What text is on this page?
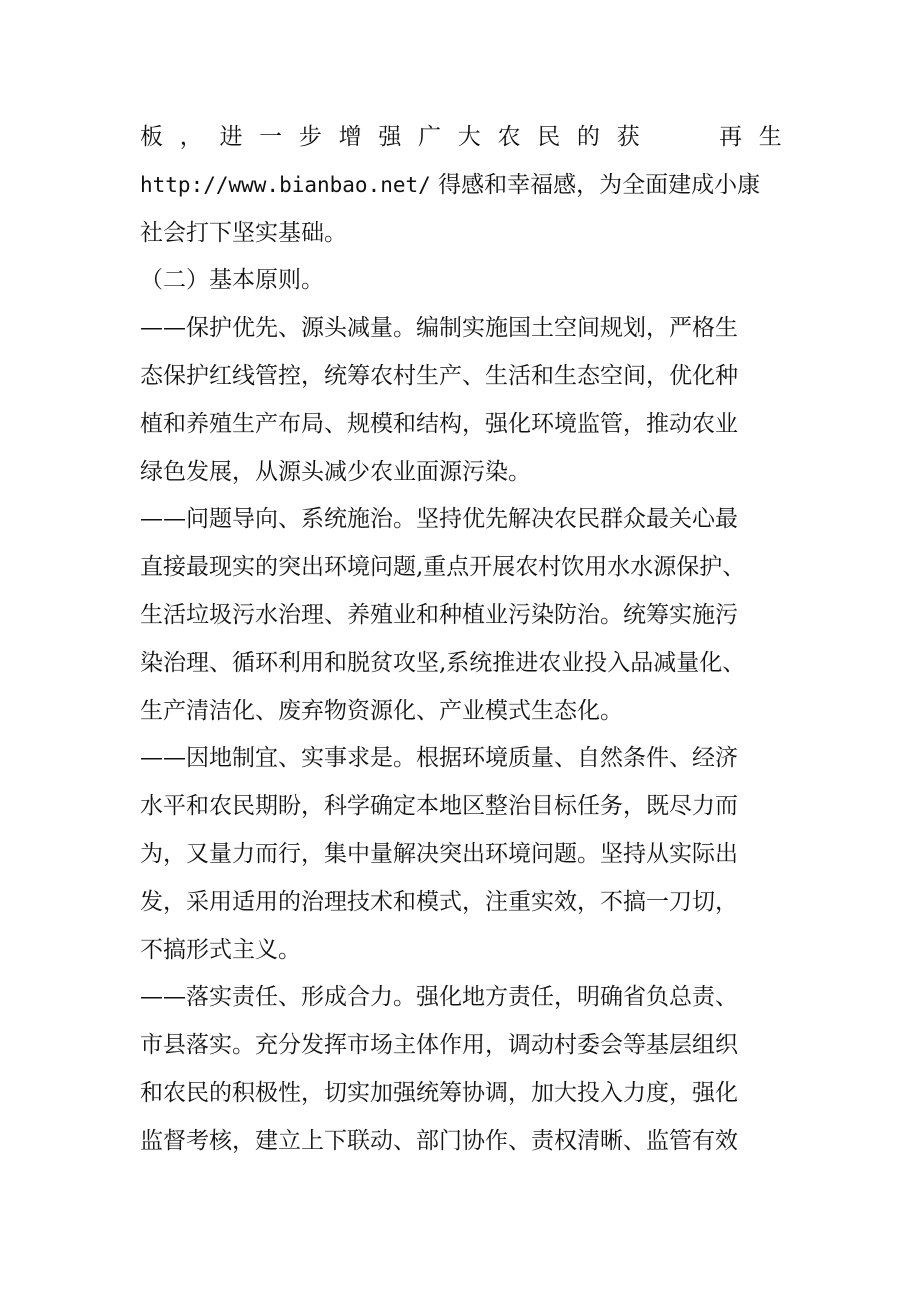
板 ， 进 一 步 增 强 广 大 农 民 的 获	再 生
http://www.bianbao.net/ 得感和幸福感，为全面建成小康
社会打下坚实基础。
（二）基本原则。
——保护优先、源头减量。编制实施国土空间规划，严格生
态保护红线管控，统筹农村生产、生活和生态空间，优化种
植和养殖生产布局、规模和结构，强化环境监管，推动农业
绿色发展，从源头减少农业面源污染。
——问题导向、系统施治。坚持优先解决农民群众最关心最
直接最现实的突出环境问题,重点开展农村饮用水水源保护、
生活垃圾污水治理、养殖业和种植业污染防治。统筹实施污
染治理、循环利用和脱贫攻坚,系统推进农业投入品减量化、
生产清洁化、废弃物资源化、产业模式生态化。
——因地制宜、实事求是。根据环境质量、自然条件、经济
水平和农民期盼，科学确定本地区整治目标任务，既尽力而
为，又量力而行，集中量解决突出环境问题。坚持从实际出
发，采用适用的治理技术和模式，注重实效，不搞一刀切，
不搞形式主义。
——落实责任、形成合力。强化地方责任，明确省负总责、
市县落实。充分发挥市场主体作用，调动村委会等基层组织
和农民的积极性，切实加强统筹协调，加大投入力度，强化
监督考核，建立上下联动、部门协作、责权清晰、监管有效
